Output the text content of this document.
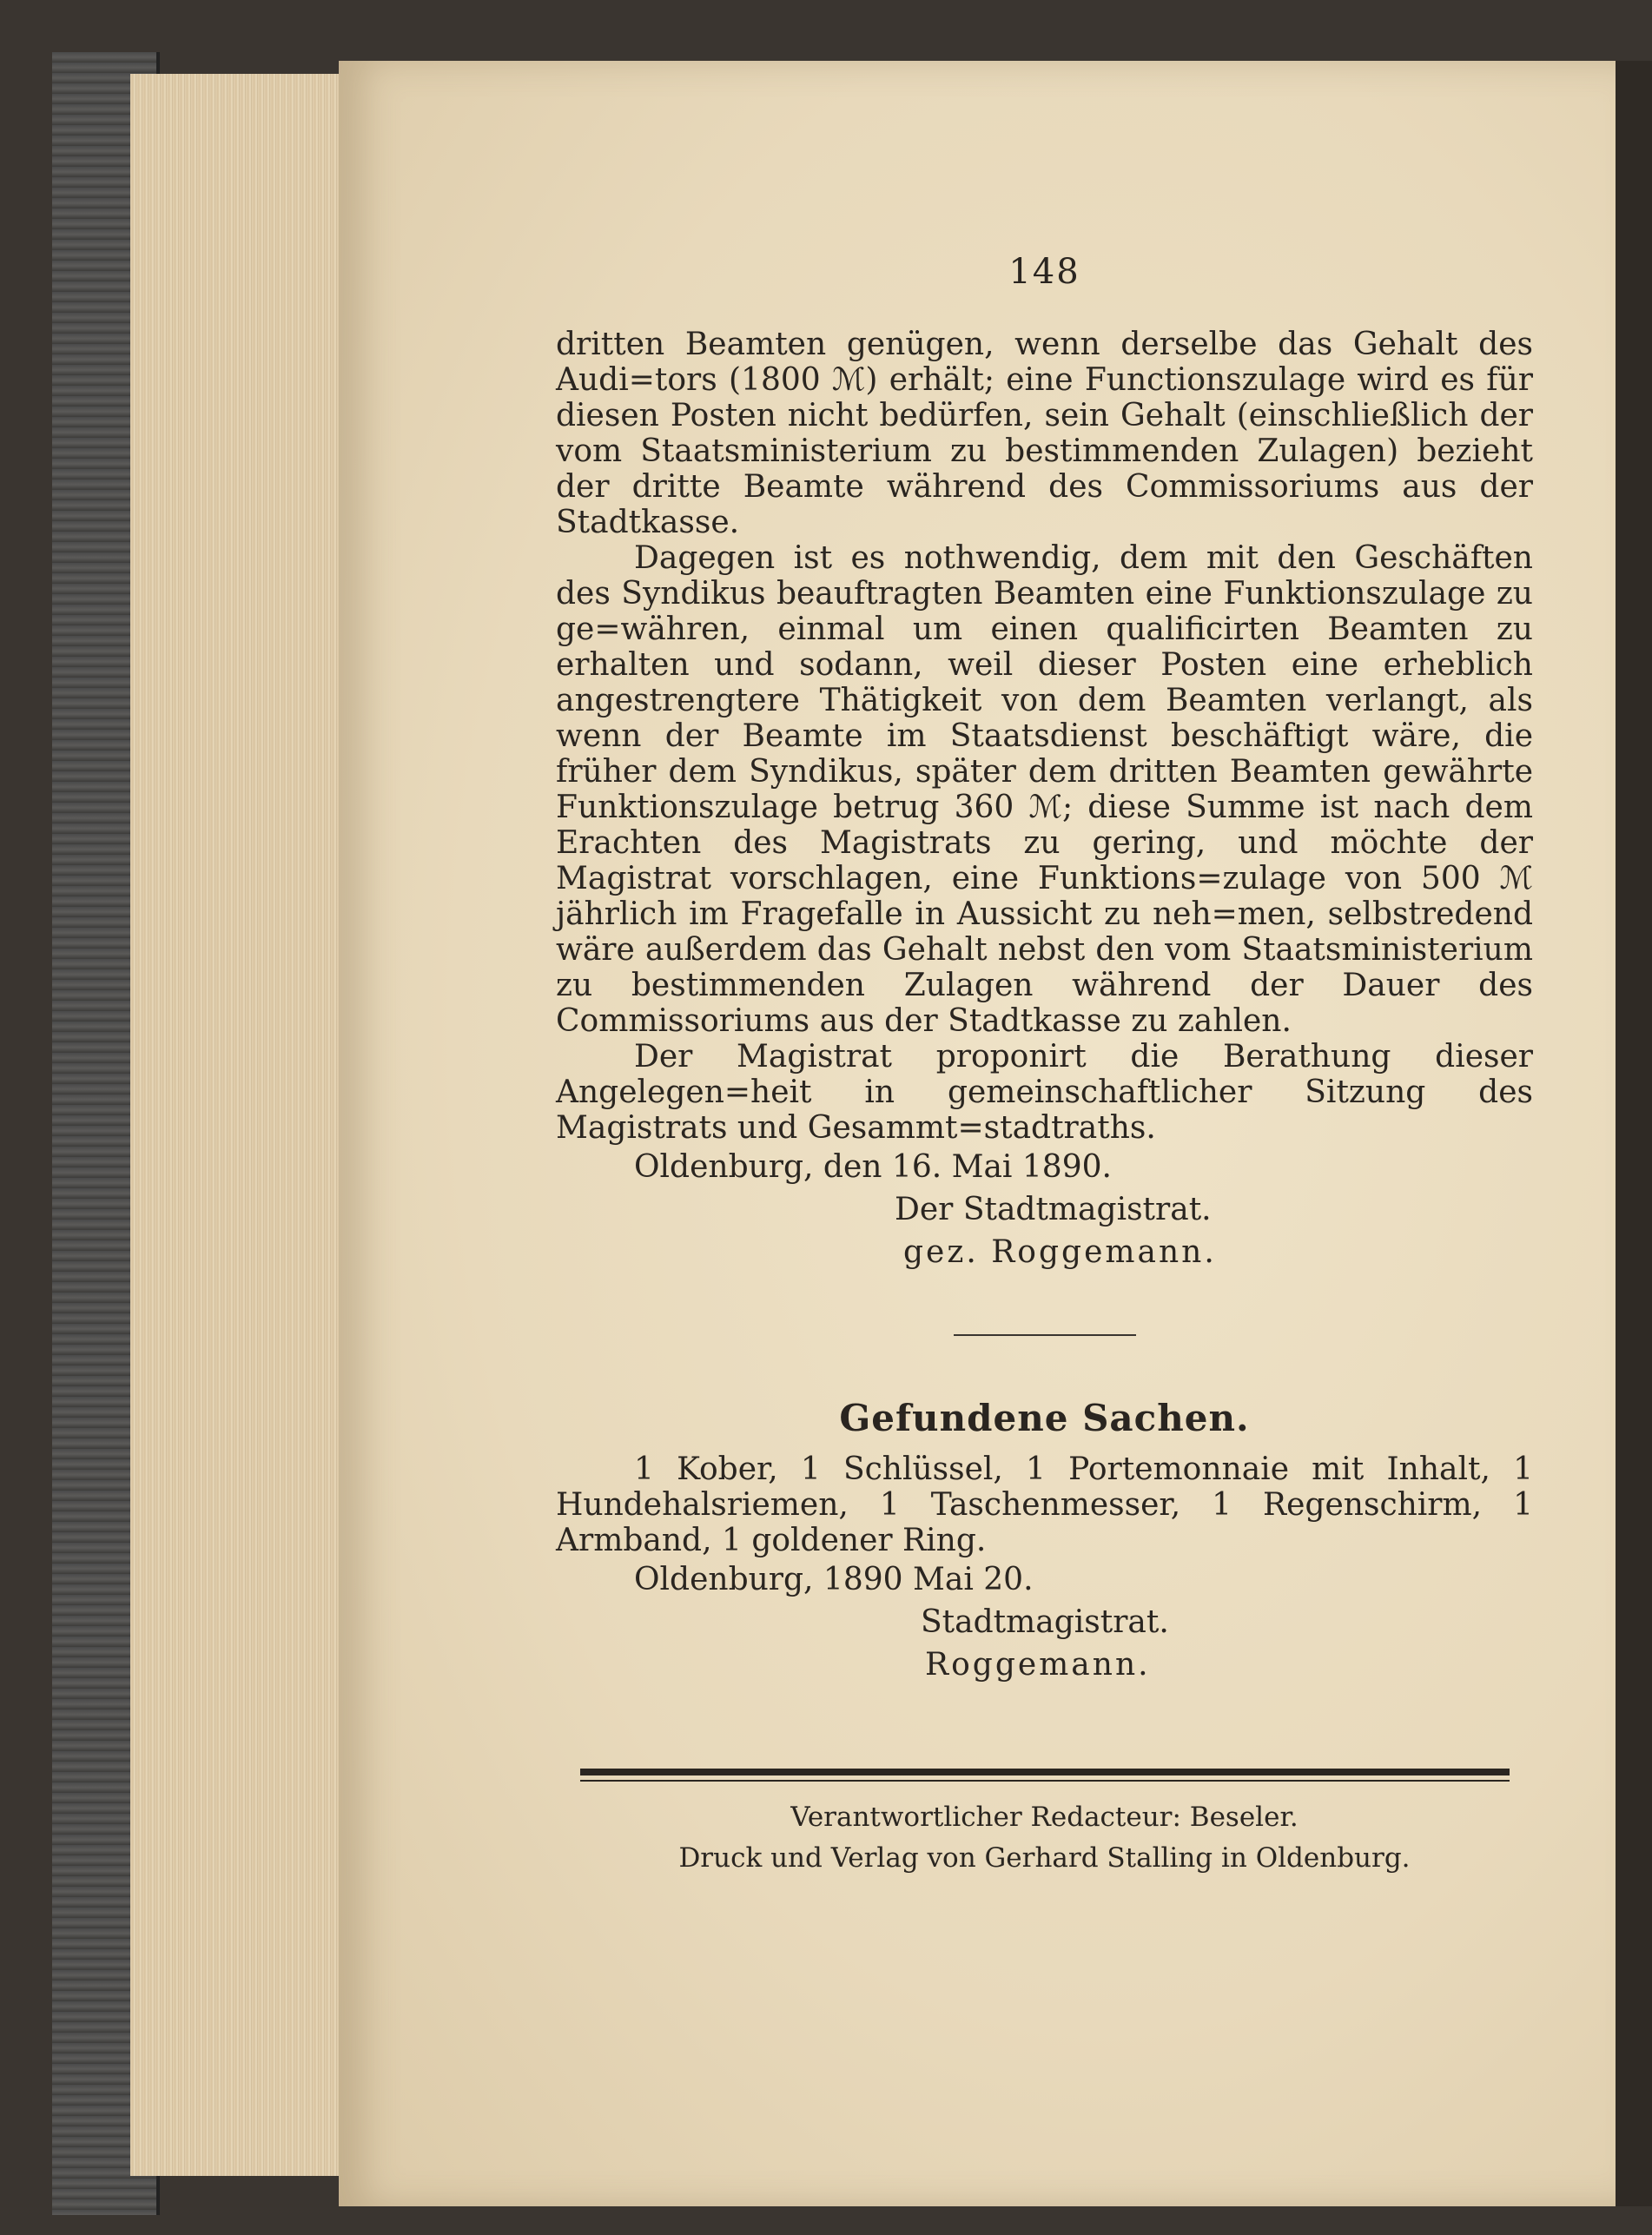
148

dritten Beamten genügen, wenn derselbe das Gehalt des Audi=tors (1800 ℳ) erhält; eine Functionszulage wird es für diesen Posten nicht bedürfen, sein Gehalt (einschließlich der vom Staatsministerium zu bestimmenden Zulagen) bezieht der dritte Beamte während des Commissoriums aus der Stadtkasse.

Dagegen ist es nothwendig, dem mit den Geschäften des Syndikus beauftragten Beamten eine Funktionszulage zu ge=währen, einmal um einen qualificirten Beamten zu erhalten und sodann, weil dieser Posten eine erheblich angestrengtere Thätigkeit von dem Beamten verlangt, als wenn der Beamte im Staatsdienst beschäftigt wäre, die früher dem Syndikus, später dem dritten Beamten gewährte Funktionszulage betrug 360 ℳ; diese Summe ist nach dem Erachten des Magistrats zu gering, und möchte der Magistrat vorschlagen, eine Funktions=zulage von 500 ℳ jährlich im Fragefalle in Aussicht zu neh=men, selbstredend wäre außerdem das Gehalt nebst den vom Staatsministerium zu bestimmenden Zulagen während der Dauer des Commissoriums aus der Stadtkasse zu zahlen.

Der Magistrat proponirt die Berathung dieser Angelegen=heit in gemeinschaftlicher Sitzung des Magistrats und Gesammt=stadtraths.

Oldenburg, den 16. Mai 1890.

Der Stadtmagistrat.

gez. Roggemann.

Gefundene Sachen.

1 Kober, 1 Schlüssel, 1 Portemonnaie mit Inhalt, 1 Hundehalsriemen, 1 Taschenmesser, 1 Regenschirm, 1 Armband, 1 goldener Ring.

Oldenburg, 1890 Mai 20.

Stadtmagistrat.

Roggemann.

Verantwortlicher Redacteur: Beseler.

Druck und Verlag von Gerhard Stalling in Oldenburg.
